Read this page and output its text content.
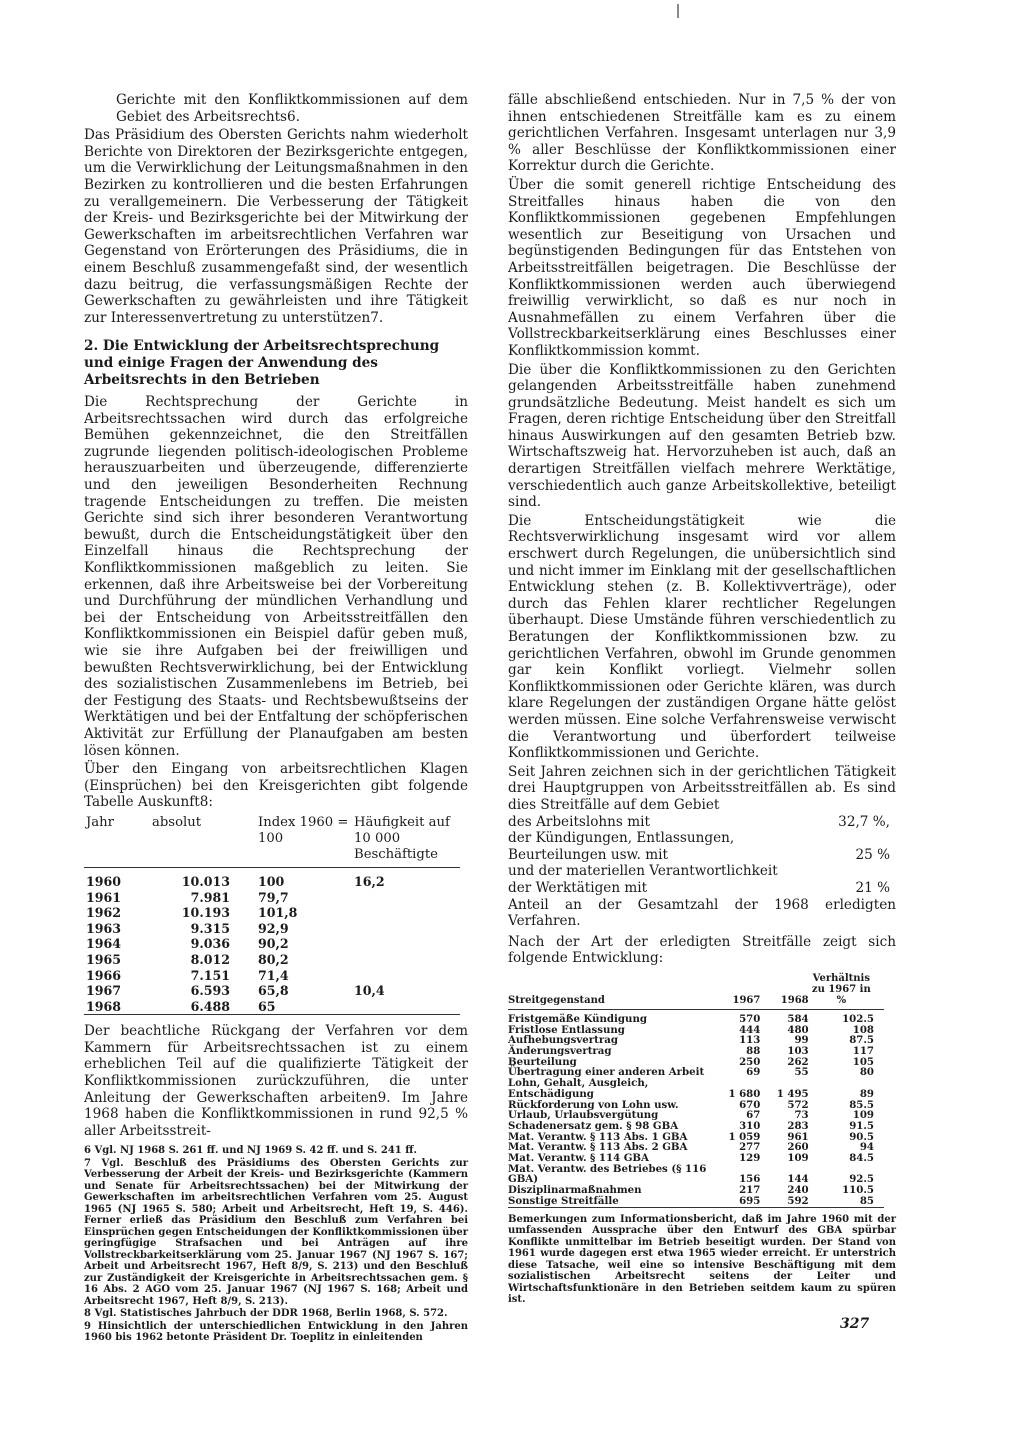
Gerichte mit den Konfliktkommissionen auf dem Gebiet des Arbeitsrechts6.

Das Präsidium des Obersten Gerichts nahm wiederholt Berichte von Direktoren der Bezirksgerichte entgegen, um die Verwirklichung der Leitungsmaßnahmen in den Bezirken zu kontrollieren und die besten Erfahrungen zu verallgemeinern. Die Verbesserung der Tätigkeit der Kreis- und Bezirksgerichte bei der Mitwirkung der Gewerkschaften im arbeitsrechtlichen Verfahren war Gegenstand von Erörterungen des Präsidiums, die in einem Beschluß zusammengefaßt sind, der wesentlich dazu beitrug, die verfassungsmäßigen Rechte der Gewerkschaften zu gewährleisten und ihre Tätigkeit zur Interessenvertretung zu unterstützen7.

2. Die Entwicklung der Arbeitsrechtsprechung und einige Fragen der Anwendung des Arbeitsrechts in den Betrieben

Die Rechtsprechung der Gerichte in Arbeitsrechtssachen wird durch das erfolgreiche Bemühen gekennzeichnet, die den Streitfällen zugrunde liegenden politisch-ideologischen Probleme herauszuarbeiten und überzeugende, differenzierte und den jeweiligen Besonderheiten Rechnung tragende Entscheidungen zu treffen. Die meisten Gerichte sind sich ihrer besonderen Verantwortung bewußt, durch die Entscheidungstätigkeit über den Einzelfall hinaus die Rechtsprechung der Konfliktkommissionen maßgeblich zu leiten. Sie erkennen, daß ihre Arbeitsweise bei der Vorbereitung und Durchführung der mündlichen Verhandlung und bei der Entscheidung von Arbeitsstreitfällen den Konfliktkommissionen ein Beispiel dafür geben muß, wie sie ihre Aufgaben bei der freiwilligen und bewußten Rechtsverwirklichung, bei der Entwicklung des sozialistischen Zusammenlebens im Betrieb, bei der Festigung des Staats- und Rechtsbewußtseins der Werktätigen und bei der Entfaltung der schöpferischen Aktivität zur Erfüllung der Planaufgaben am besten lösen können.

Über den Eingang von arbeitsrechtlichen Klagen (Einsprüchen) bei den Kreisgerichten gibt folgende Tabelle Auskunft8:

Jahr	absolut	Index 1960 = 100	Häufigkeit auf 10 000 Beschäftigte
1960	10.013	100	16,2
1961	7.981	79,7	
1962	10.193	101,8	
1963	9.315	92,9	
1964	9.036	90,2	
1965	8.012	80,2	
1966	7.151	71,4	
1967	6.593	65,8	10,4
1968	6.488	65	

Der beachtliche Rückgang der Verfahren vor dem Kammern für Arbeitsrechtssachen ist zu einem erheblichen Teil auf die qualifizierte Tätigkeit der Konfliktkommissionen zurückzuführen, die unter Anleitung der Gewerkschaften arbeiten9. Im Jahre 1968 haben die Konfliktkommissionen in rund 92,5 % aller Arbeitsstreit-

6 Vgl. NJ 1968 S. 261 ff. und NJ 1969 S. 42 ff. und S. 241 ff.
7 Vgl. Beschluß des Präsidiums des Obersten Gerichts zur Verbesserung der Arbeit der Kreis- und Bezirksgerichte (Kammern und Senate für Arbeitsrechtssachen) bei der Mitwirkung der Gewerkschaften im arbeitsrechtlichen Verfahren vom 25. August 1965 (NJ 1965 S. 580; Arbeit und Arbeitsrecht, Heft 19, S. 446). Ferner erließ das Präsidium den Beschluß zum Verfahren bei Einsprüchen gegen Entscheidungen der Konfliktkommissionen über geringfügige Strafsachen und bei Anträgen auf ihre Vollstreckbarkeitserklärung vom 25. Januar 1967 (NJ 1967 S. 167; Arbeit und Arbeitsrecht 1967, Heft 8/9, S. 213) und den Beschluß zur Zuständigkeit der Kreisgerichte in Arbeitsrechtssachen gem. § 16 Abs. 2 AGO vom 25. Januar 1967 (NJ 1967 S. 168; Arbeit und Arbeitsrecht 1967, Heft 8/9, S. 213).
8 Vgl. Statistisches Jahrbuch der DDR 1968, Berlin 1968, S. 572.
9 Hinsichtlich der unterschiedlichen Entwicklung in den Jahren 1960 bis 1962 betonte Präsident Dr. Toeplitz in einleitenden

fälle abschließend entschieden. Nur in 7,5 % der von ihnen entschiedenen Streitfälle kam es zu einem gerichtlichen Verfahren. Insgesamt unterlagen nur 3,9 % aller Beschlüsse der Konfliktkommissionen einer Korrektur durch die Gerichte.

Über die somit generell richtige Entscheidung des Streitfalles hinaus haben die von den Konfliktkommissionen gegebenen Empfehlungen wesentlich zur Beseitigung von Ursachen und begünstigenden Bedingungen für das Entstehen von Arbeitsstreitfällen beigetragen. Die Beschlüsse der Konfliktkommissionen werden auch überwiegend freiwillig verwirklicht, so daß es nur noch in Ausnahmefällen zu einem Verfahren über die Vollstreckbarkeitserklärung eines Beschlusses einer Konfliktkommission kommt.

Die über die Konfliktkommissionen zu den Gerichten gelangenden Arbeitsstreitfälle haben zunehmend grundsätzliche Bedeutung. Meist handelt es sich um Fragen, deren richtige Entscheidung über den Streitfall hinaus Auswirkungen auf den gesamten Betrieb bzw. Wirtschaftszweig hat. Hervorzuheben ist auch, daß an derartigen Streitfällen vielfach mehrere Werktätige, verschiedentlich auch ganze Arbeitskollektive, beteiligt sind.

Die Entscheidungstätigkeit wie die Rechtsverwirklichung insgesamt wird vor allem erschwert durch Regelungen, die unübersichtlich sind und nicht immer im Einklang mit der gesellschaftlichen Entwicklung stehen (z. B. Kollektivverträge), oder durch das Fehlen klarer rechtlicher Regelungen überhaupt. Diese Umstände führen verschiedentlich zu Beratungen der Konfliktkommissionen bzw. zu gerichtlichen Verfahren, obwohl im Grunde genommen gar kein Konflikt vorliegt. Vielmehr sollen Konfliktkommissionen oder Gerichte klären, was durch klare Regelungen der zuständigen Organe hätte gelöst werden müssen. Eine solche Verfahrensweise verwischt die Verantwortung und überfordert teilweise Konfliktkommissionen und Gerichte.

Seit Jahren zeichnen sich in der gerichtlichen Tätigkeit drei Hauptgruppen von Arbeitsstreitfällen ab. Es sind dies Streitfälle auf dem Gebiet

des Arbeitslohns mit	32,7 %,
der Kündigungen, Entlassungen,
Beurteilungen usw. mit	25 %
und der materiellen Verantwortlichkeit
der Werktätigen mit	21 %
Anteil an der Gesamtzahl der 1968 erledigten Verfahren.

Nach der Art der erledigten Streitfälle zeigt sich folgende Entwicklung:

Streitgegenstand	1967	1968	Verhältnis zu 1967 in %
Fristgemäße Kündigung	570	584	102.5
Fristlose Entlassung	444	480	108
Aufhebungsvertrag	113	99	87.5
Änderungsvertrag	88	103	117
Beurteilung	250	262	105
Übertragung einer anderen Arbeit	69	55	80
Lohn, Gehalt, Ausgleich, Entschädigung	1 680	1 495	89
Rückforderung von Lohn usw.	670	572	85.5
Urlaub, Urlaubsvergütung	67	73	109
Schadenersatz gem. § 98 GBA	310	283	91.5
Mat. Verantw. § 113 Abs. 1 GBA	1 059	961	90.5
Mat. Verantw. § 113 Abs. 2 GBA	277	260	94
Mat. Verantw. § 114 GBA	129	109	84.5
Mat. Verantw. des Betriebes (§ 116 GBA)	156	144	92.5
Disziplinarmaßnahmen	217	240	110.5
Sonstige Streitfälle	695	592	85
Bemerkungen zum Informationsbericht, daß im Jahre 1960 mit der umfassenden Aussprache über den Entwurf des GBA spürbar Konflikte unmittelbar im Betrieb beseitigt wurden. Der Stand von 1961 wurde dagegen erst etwa 1965 wieder erreicht. Er unterstrich diese Tatsache, weil eine so intensive Beschäftigung mit dem sozialistischen Arbeitsrecht seitens der Leiter und Wirtschaftsfunktionäre in den Betrieben seitdem kaum zu spüren ist.
327
